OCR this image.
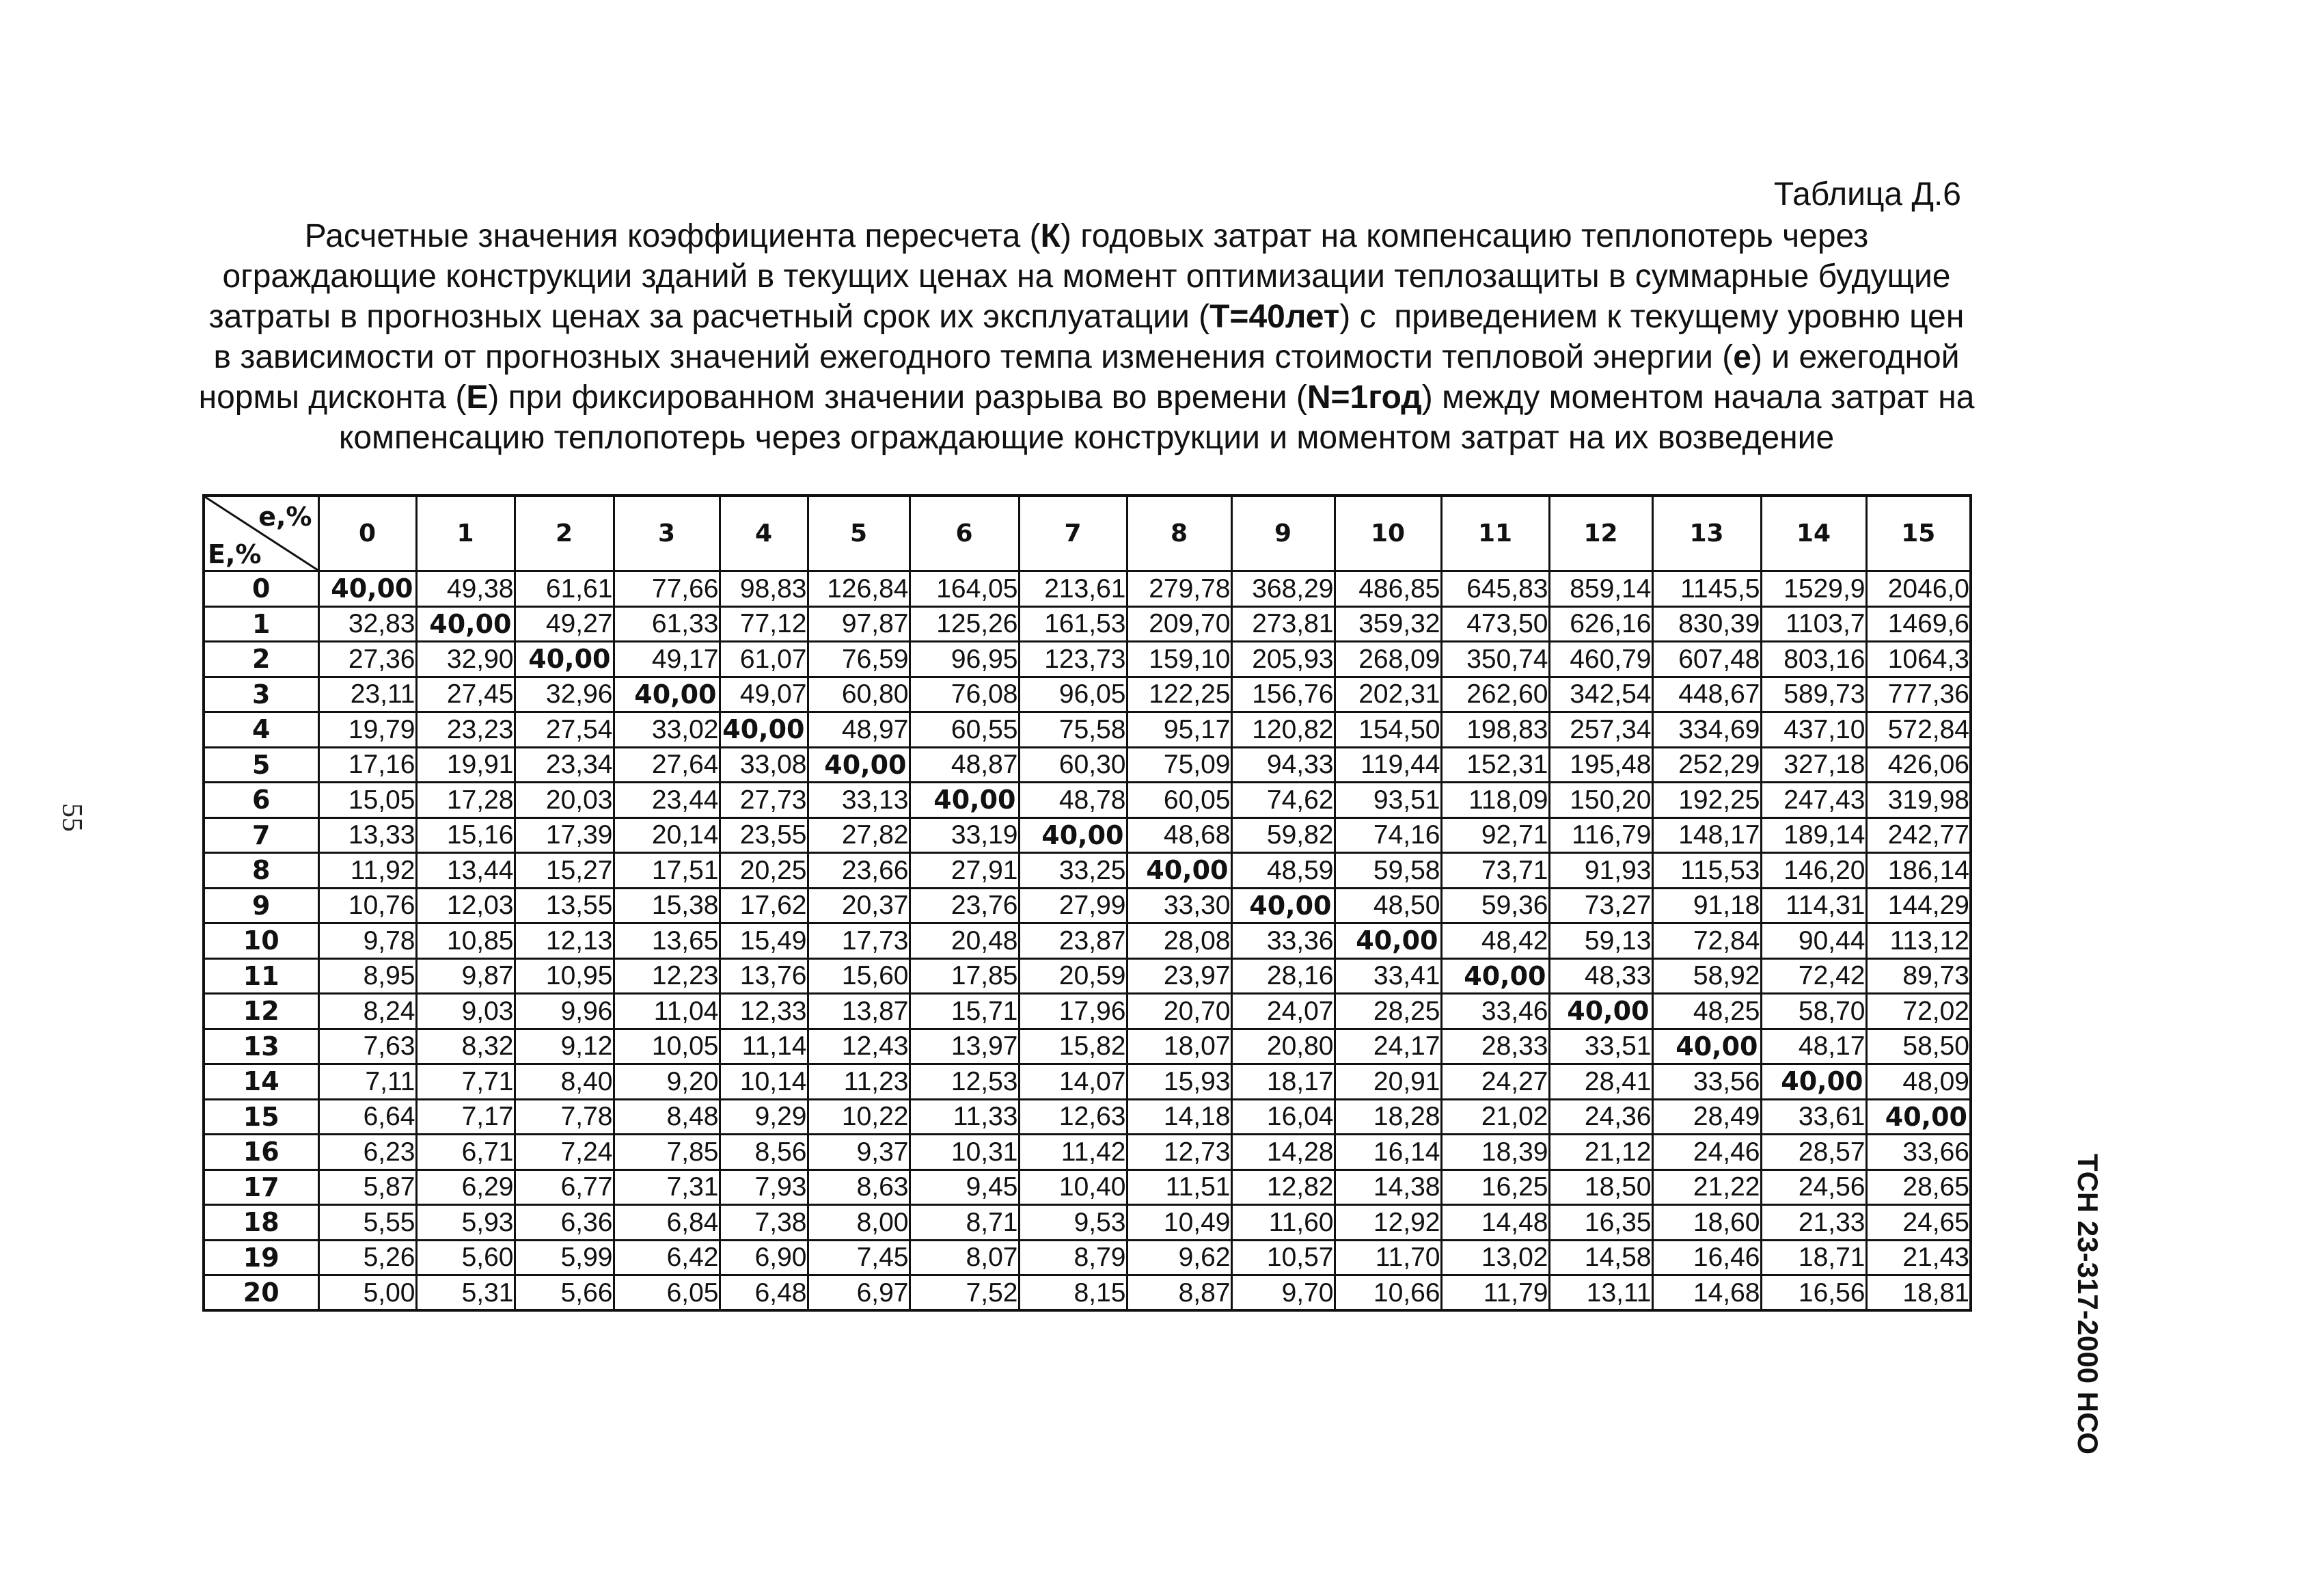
Таблица Д.6
Расчетные значения коэффициента пересчета (К) годовых затрат на компенсацию теплопотерь через
ограждающие конструкции зданий в текущих ценах на момент оптимизации теплозащиты в суммарные будущие
затраты в прогнозных ценах за расчетный срок их эксплуатации (Т=40лет) с  приведением к текущему уровню цен
в зависимости от прогнозных значений ежегодного темпа изменения стоимости тепловой энергии (е) и ежегодной
нормы дисконта (Е) при фиксированном значении разрыва во времени (N=1год) между моментом начала затрат на
компенсацию теплопотерь через ограждающие конструкции и моментом затрат на их возведение
e,%
E,%	0	1	2	3	4	5	6	7	8	9	10	11	12	13	14	15
0	40,00	49,38	61,61	77,66	98,83	126,84	164,05	213,61	279,78	368,29	486,85	645,83	859,14	1145,5	1529,9	2046,0
1	32,83	40,00	49,27	61,33	77,12	97,87	125,26	161,53	209,70	273,81	359,32	473,50	626,16	830,39	1103,7	1469,6
2	27,36	32,90	40,00	49,17	61,07	76,59	96,95	123,73	159,10	205,93	268,09	350,74	460,79	607,48	803,16	1064,3
3	23,11	27,45	32,96	40,00	49,07	60,80	76,08	96,05	122,25	156,76	202,31	262,60	342,54	448,67	589,73	777,36
4	19,79	23,23	27,54	33,02	40,00	48,97	60,55	75,58	95,17	120,82	154,50	198,83	257,34	334,69	437,10	572,84
5	17,16	19,91	23,34	27,64	33,08	40,00	48,87	60,30	75,09	94,33	119,44	152,31	195,48	252,29	327,18	426,06
6	15,05	17,28	20,03	23,44	27,73	33,13	40,00	48,78	60,05	74,62	93,51	118,09	150,20	192,25	247,43	319,98
7	13,33	15,16	17,39	20,14	23,55	27,82	33,19	40,00	48,68	59,82	74,16	92,71	116,79	148,17	189,14	242,77
8	11,92	13,44	15,27	17,51	20,25	23,66	27,91	33,25	40,00	48,59	59,58	73,71	91,93	115,53	146,20	186,14
9	10,76	12,03	13,55	15,38	17,62	20,37	23,76	27,99	33,30	40,00	48,50	59,36	73,27	91,18	114,31	144,29
10	9,78	10,85	12,13	13,65	15,49	17,73	20,48	23,87	28,08	33,36	40,00	48,42	59,13	72,84	90,44	113,12
11	8,95	9,87	10,95	12,23	13,76	15,60	17,85	20,59	23,97	28,16	33,41	40,00	48,33	58,92	72,42	89,73
12	8,24	9,03	9,96	11,04	12,33	13,87	15,71	17,96	20,70	24,07	28,25	33,46	40,00	48,25	58,70	72,02
13	7,63	8,32	9,12	10,05	11,14	12,43	13,97	15,82	18,07	20,80	24,17	28,33	33,51	40,00	48,17	58,50
14	7,11	7,71	8,40	9,20	10,14	11,23	12,53	14,07	15,93	18,17	20,91	24,27	28,41	33,56	40,00	48,09
15	6,64	7,17	7,78	8,48	9,29	10,22	11,33	12,63	14,18	16,04	18,28	21,02	24,36	28,49	33,61	40,00
16	6,23	6,71	7,24	7,85	8,56	9,37	10,31	11,42	12,73	14,28	16,14	18,39	21,12	24,46	28,57	33,66
17	5,87	6,29	6,77	7,31	7,93	8,63	9,45	10,40	11,51	12,82	14,38	16,25	18,50	21,22	24,56	28,65
18	5,55	5,93	6,36	6,84	7,38	8,00	8,71	9,53	10,49	11,60	12,92	14,48	16,35	18,60	21,33	24,65
19	5,26	5,60	5,99	6,42	6,90	7,45	8,07	8,79	9,62	10,57	11,70	13,02	14,58	16,46	18,71	21,43
20	5,00	5,31	5,66	6,05	6,48	6,97	7,52	8,15	8,87	9,70	10,66	11,79	13,11	14,68	16,56	18,81
55
ТСН 23-317-2000 НСО
